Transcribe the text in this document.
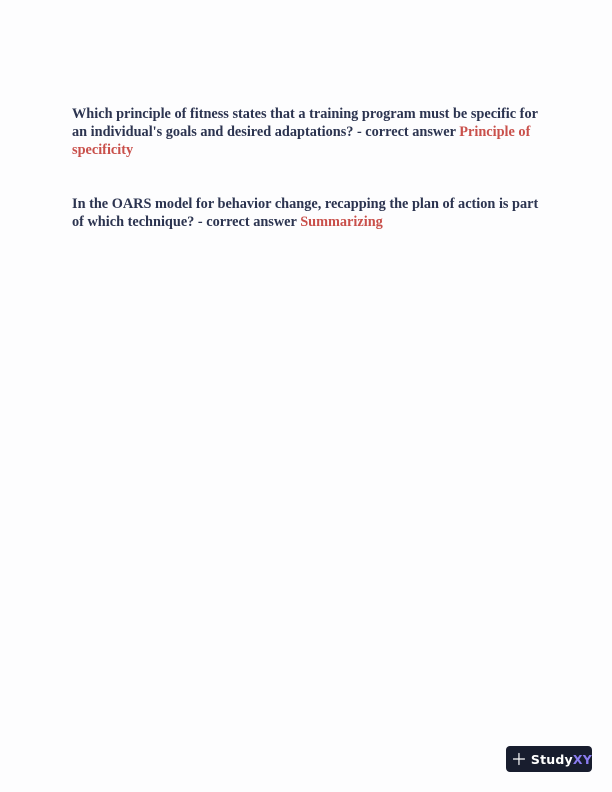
Which principle of fitness states that a training program must be specific for an individual's goals and desired adaptations? - correct answer Principle of specificity

In the OARS model for behavior change, recapping the plan of action is part of which technique? - correct answer Summarizing

StudyXY
